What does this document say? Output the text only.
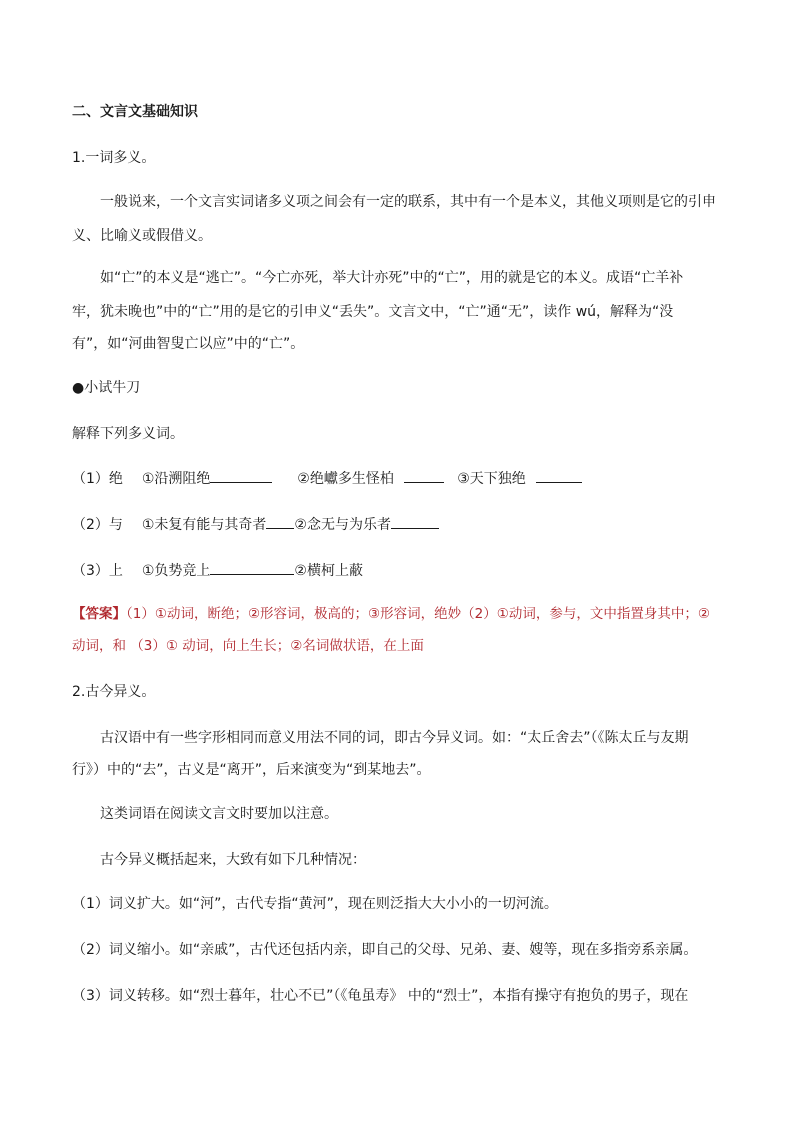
二、文言文基础知识
1.一词多义。
一般说来，一个文言实词诸多义项之间会有一定的联系，其中有一个是本义，其他义项则是它的引申
义、比喻义或假借义。
如“亡”的本义是“逃亡”。“今亡亦死，举大计亦死”中的“亡”，用的就是它的本义。成语“亡羊补
牢，犹未晚也”中的“亡”用的是它的引申义“丢失”。文言文中，“亡”通“无”，读作 wú，解释为“没
有”，如“河曲智叟亡以应”中的“亡”。
●小试牛刀
解释下列多义词。
（1）绝 ①沿溯阻绝	②绝巘多生怪柏	③天下独绝
（2）与 ①未复有能与其奇者 ②念无与为乐者
（3）上 ①负势竞上	②横柯上蔽
【答案】（1）①动词，断绝；②形容词，极高的；③形容词，绝妙（2）①动词，参与，文中指置身其中；②
动词，和 （3）① 动词，向上生长；②名词做状语，在上面
2.古今异义。
古汉语中有一些字形相同而意义用法不同的词，即古今异义词。如：“太丘舍去”（《陈太丘与友期
行》）中的“去”，古义是“离开”，后来演变为“到某地去”。
这类词语在阅读文言文时要加以注意。
古今异义概括起来，大致有如下几种情况：
（1）词义扩大。如“河”，古代专指“黄河”，现在则泛指大大小小的一切河流。
（2）词义缩小。如“亲戚”，古代还包括内亲，即自己的父母、兄弟、妻、嫂等，现在多指旁系亲属。
（3）词义转移。如“烈士暮年，壮心不已”（《龟虽寿》 中的“烈士”，本指有操守有抱负的男子，现在
